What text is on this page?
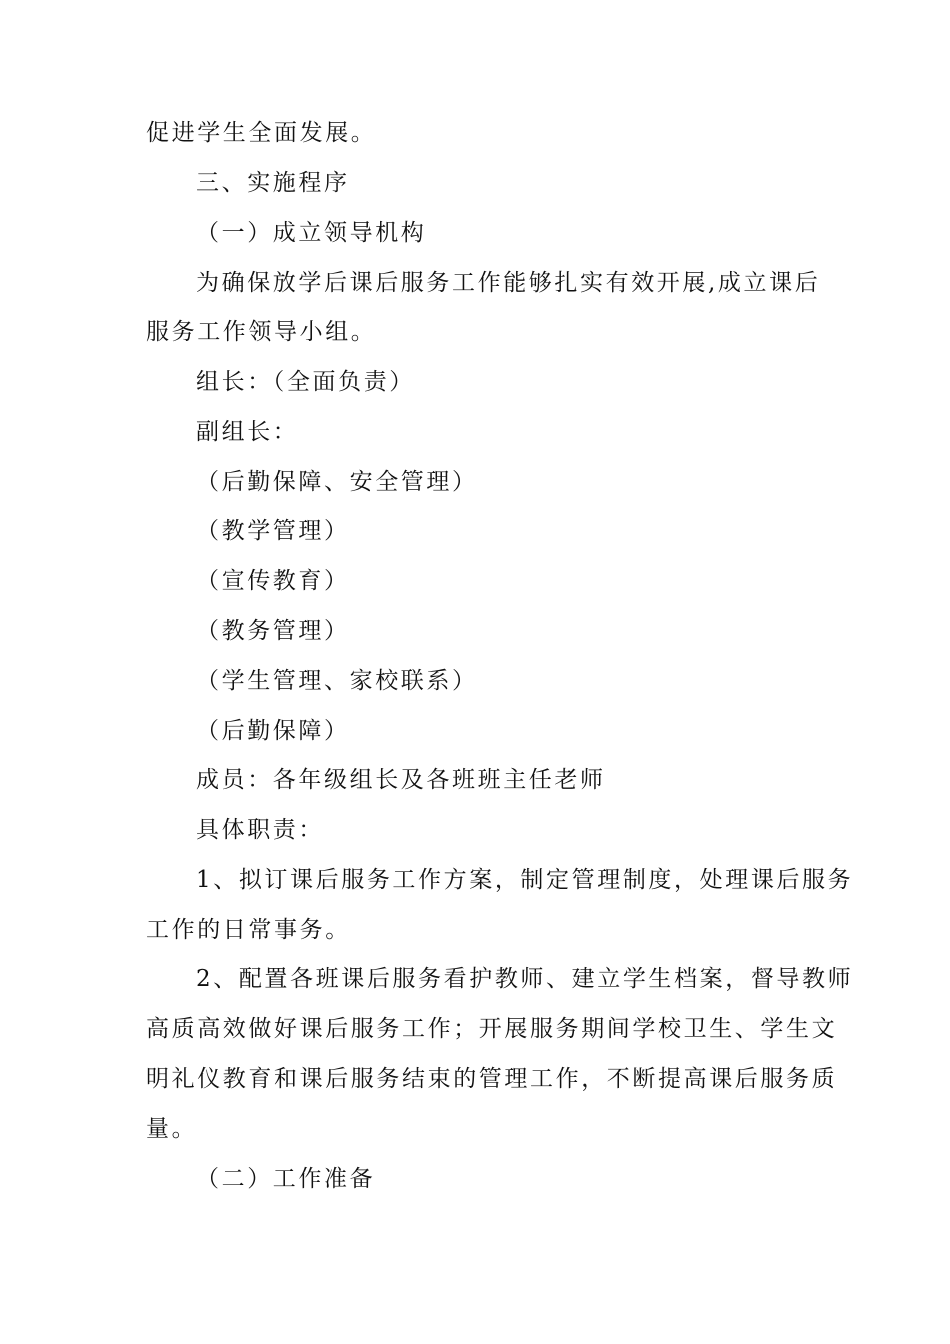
促进学生全面发展。
三、实施程序
（一）成立领导机构
为确保放学后课后服务工作能够扎实有效开展,成立课后
服务工作领导小组。
组长：（全面负责）
副组长：
（后勤保障、安全管理）
（教学管理）
（宣传教育）
（教务管理）
（学生管理、家校联系）
（后勤保障）
成员：各年级组长及各班班主任老师
具体职责：
1、拟订课后服务工作方案，制定管理制度，处理课后服务
工作的日常事务。
2、配置各班课后服务看护教师、建立学生档案，督导教师
高质高效做好课后服务工作；开展服务期间学校卫生、学生文
明礼仪教育和课后服务结束的管理工作，不断提高课后服务质
量。
（二）工作准备
